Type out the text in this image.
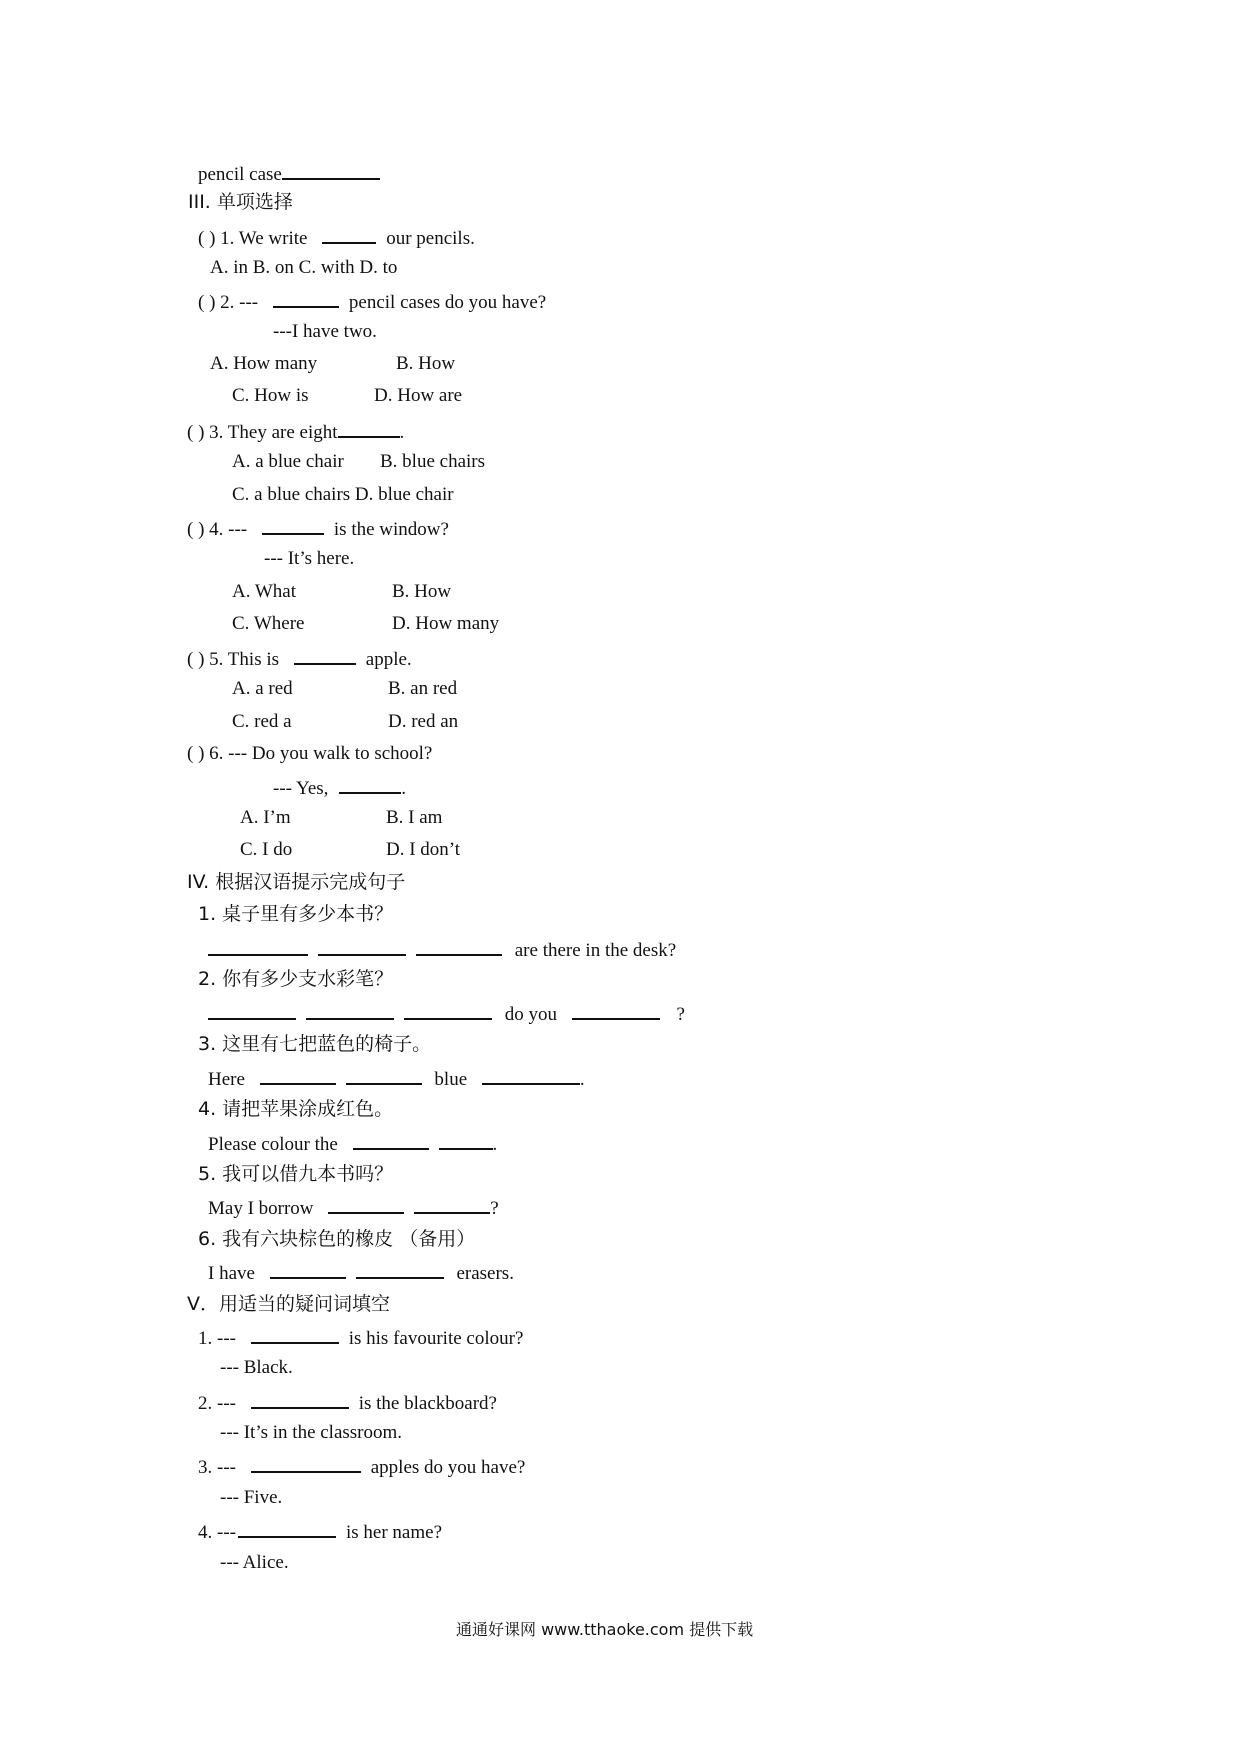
pencil case
III. 单项选择
( ) 1. We write	our pencils.
A. in B. on C. with D. to
( ) 2. ---	pencil cases do you have?
---I have two.
A. How many	B. How
C. How is	D. How are
( ) 3. They are eight	.
A. a blue chair B. blue chairs
C. a blue chairs D. blue chair
( ) 4. ---	is the window?
--- It’s here.
A. What	B. How
C. Where	D. How many
( ) 5. This is	apple.
A. a red	B. an red
C. red a	D. red an
( ) 6. --- Do you walk to school?
--- Yes,	.
A. I’m	B. I am
C. I do	D. I don’t
IV. 根据汉语提示完成句子
1. 桌子里有多少本书？
are there in the desk?
2. 你有多少支水彩笔？
do you	?
3. 这里有七把蓝色的椅子。
Here	blue	.
4. 请把苹果涂成红色。
Please colour the	.
5. 我可以借九本书吗？
May I borrow	?
6. 我有六块棕色的橡皮 （备用）
I have	erasers.
V．用适当的疑问词填空
1. ---	is his favourite colour?
--- Black.
2. ---	is the blackboard?
--- It’s in the classroom.
3. ---	apples do you have?
--- Five.
4. ---	is her name?
--- Alice.
通通好课网 www.tthaoke.com 提供下载
